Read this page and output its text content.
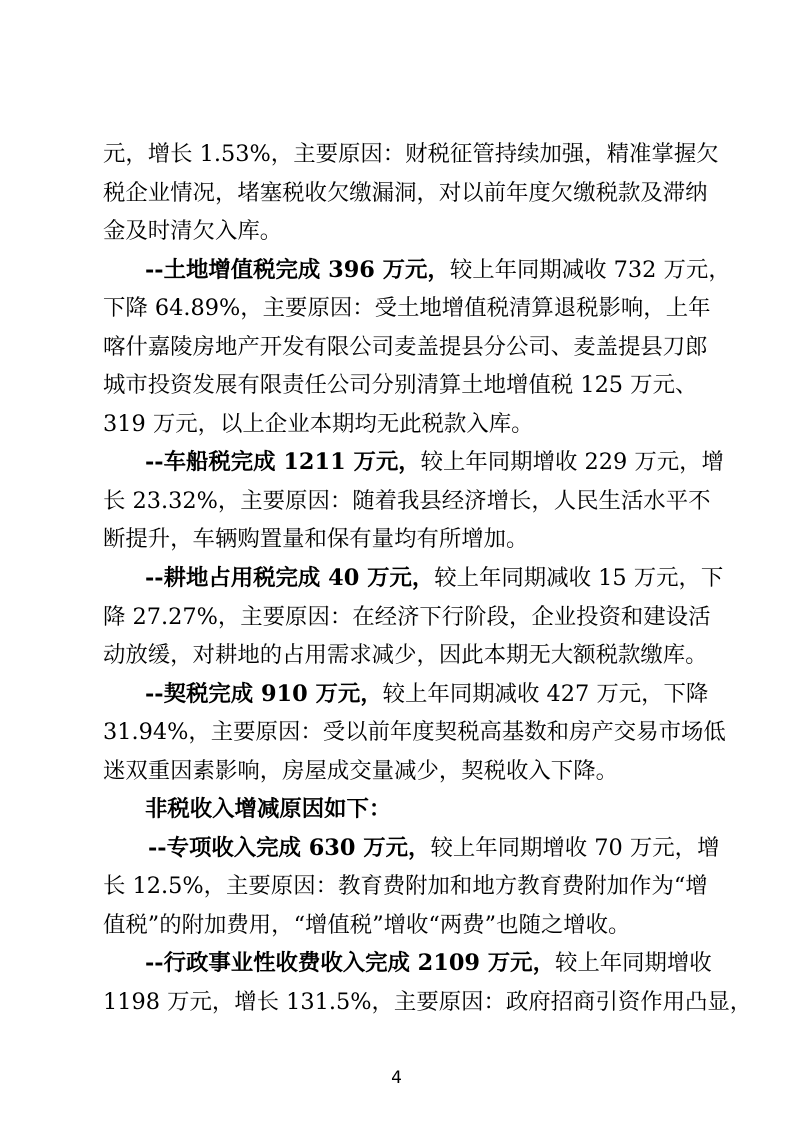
元，增长 1.53%，主要原因：财税征管持续加强，精准掌握欠
税企业情况，堵塞税收欠缴漏洞，对以前年度欠缴税款及滞纳
金及时清欠入库。
--土地增值税完成 396 万元，较上年同期减收 732 万元，
下降 64.89%，主要原因：受土地增值税清算退税影响，上年
喀什嘉陵房地产开发有限公司麦盖提县分公司、麦盖提县刀郎
城市投资发展有限责任公司分别清算土地增值税 125 万元、
319 万元，以上企业本期均无此税款入库。
--车船税完成 1211 万元，较上年同期增收 229 万元，增
长 23.32%，主要原因：随着我县经济增长，人民生活水平不
断提升，车辆购置量和保有量均有所增加。
--耕地占用税完成 40 万元，较上年同期减收 15 万元，下
降 27.27%，主要原因：在经济下行阶段，企业投资和建设活
动放缓，对耕地的占用需求减少，因此本期无大额税款缴库。
--契税完成 910 万元，较上年同期减收 427 万元，下降
31.94%，主要原因：受以前年度契税高基数和房产交易市场低
迷双重因素影响，房屋成交量减少，契税收入下降。
非税收入增减原因如下：
--专项收入完成 630 万元，较上年同期增收 70 万元，增
长 12.5%，主要原因：教育费附加和地方教育费附加作为“增
值税”的附加费用，“增值税”增收“两费”也随之增收。
4
--行政事业性收费收入完成 2109 万元，较上年同期增收
1198 万元，增长 131.5%，主要原因：政府招商引资作用凸显，
